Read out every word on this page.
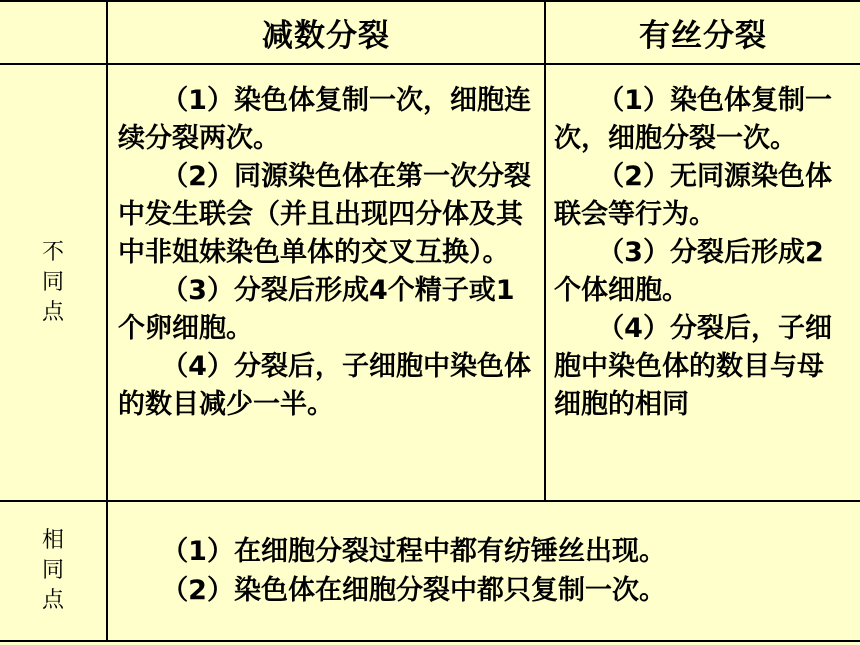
减数分裂	有丝分裂
不
同
点
相
同
点

（1）染色体复制一次，细胞连续分裂两次。

（2）同源染色体在第一次分裂中发生联会（并且出现四分体及其中非姐妹染色单体的交叉互换）。

（3）分裂后形成4个精子或1个卵细胞。

（4）分裂后，子细胞中染色体的数目减少一半。

（1）染色体复制一次，细胞分裂一次。

（2）无同源染色体联会等行为。

（3）分裂后形成2个体细胞。

（4）分裂后，子细胞中染色体的数目与母细胞的相同

（1）在细胞分裂过程中都有纺锤丝出现。

（2）染色体在细胞分裂中都只复制一次。
